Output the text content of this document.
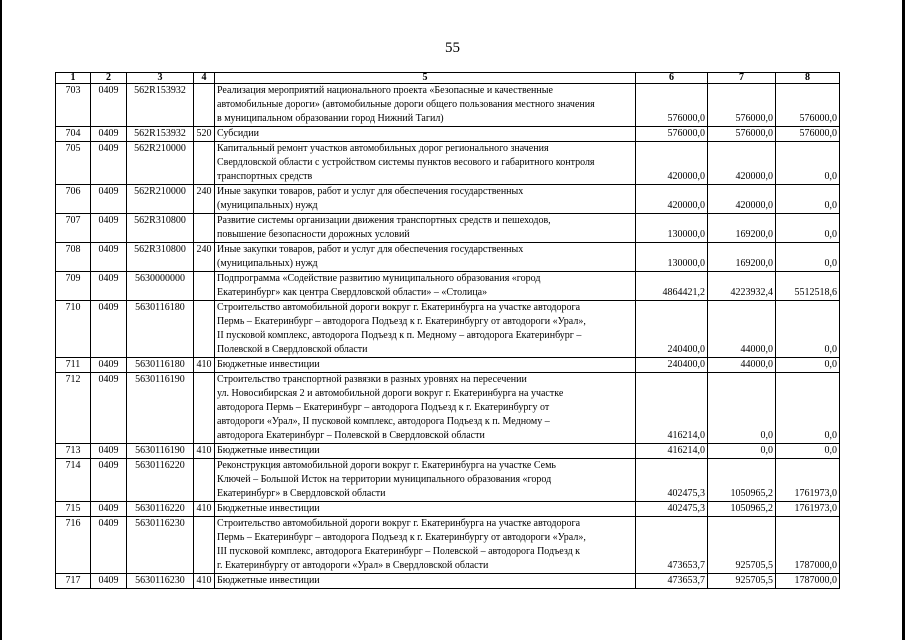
55
1	2	3	4	5	6	7	8
703	0409	562R153932		Реализация мероприятий национального проекта «Безопасные и качественные
автомобильные дороги» (автомобильные дороги общего пользования местного значения
в муниципальном образовании город Нижний Тагил)	576000,0	576000,0	576000,0
704	0409	562R153932	520	Субсидии	576000,0	576000,0	576000,0
705	0409	562R210000		Капитальный ремонт участков автомобильных дорог регионального значения
Свердловской области с устройством системы пунктов весового и габаритного контроля
транспортных средств	420000,0	420000,0	0,0
706	0409	562R210000	240	Иные закупки товаров, работ и услуг для обеспечения государственных
(муниципальных) нужд	420000,0	420000,0	0,0
707	0409	562R310800		Развитие системы организации движения транспортных средств и пешеходов,
повышение безопасности дорожных условий	130000,0	169200,0	0,0
708	0409	562R310800	240	Иные закупки товаров, работ и услуг для обеспечения государственных
(муниципальных) нужд	130000,0	169200,0	0,0
709	0409	5630000000		Подпрограмма «Содействие развитию муниципального образования «город
Екатеринбург» как центра Свердловской области» – «Столица»	4864421,2	4223932,4	5512518,6
710	0409	5630116180		Строительство автомобильной дороги вокруг г. Екатеринбурга на участке автодорога
Пермь – Екатеринбург – автодорога Подъезд к г. Екатеринбургу от автодороги «Урал»,
II пусковой комплекс, автодорога Подъезд к п. Медному – автодорога Екатеринбург –
Полевской в Свердловской области	240400,0	44000,0	0,0
711	0409	5630116180	410	Бюджетные инвестиции	240400,0	44000,0	0,0
712	0409	5630116190		Строительство транспортной развязки в разных уровнях на пересечении
ул. Новосибирская 2 и автомобильной дороги вокруг г. Екатеринбурга на участке
автодорога Пермь – Екатеринбург – автодорога Подъезд к г. Екатеринбургу от
автодороги «Урал», II пусковой комплекс, автодорога Подъезд к п. Медному –
автодорога Екатеринбург – Полевской в Свердловской области	416214,0	0,0	0,0
713	0409	5630116190	410	Бюджетные инвестиции	416214,0	0,0	0,0
714	0409	5630116220		Реконструкция автомобильной дороги вокруг г. Екатеринбурга на участке Семь
Ключей – Большой Исток на территории муниципального образования «город
Екатеринбург» в Свердловской области	402475,3	1050965,2	1761973,0
715	0409	5630116220	410	Бюджетные инвестиции	402475,3	1050965,2	1761973,0
716	0409	5630116230		Строительство автомобильной дороги вокруг г. Екатеринбурга на участке автодорога
Пермь – Екатеринбург – автодорога Подъезд к г. Екатеринбургу от автодороги «Урал»,
III пусковой комплекс, автодорога Екатеринбург – Полевской – автодорога Подъезд к
г. Екатеринбургу от автодороги «Урал» в Свердловской области	473653,7	925705,5	1787000,0
717	0409	5630116230	410	Бюджетные инвестиции	473653,7	925705,5	1787000,0
